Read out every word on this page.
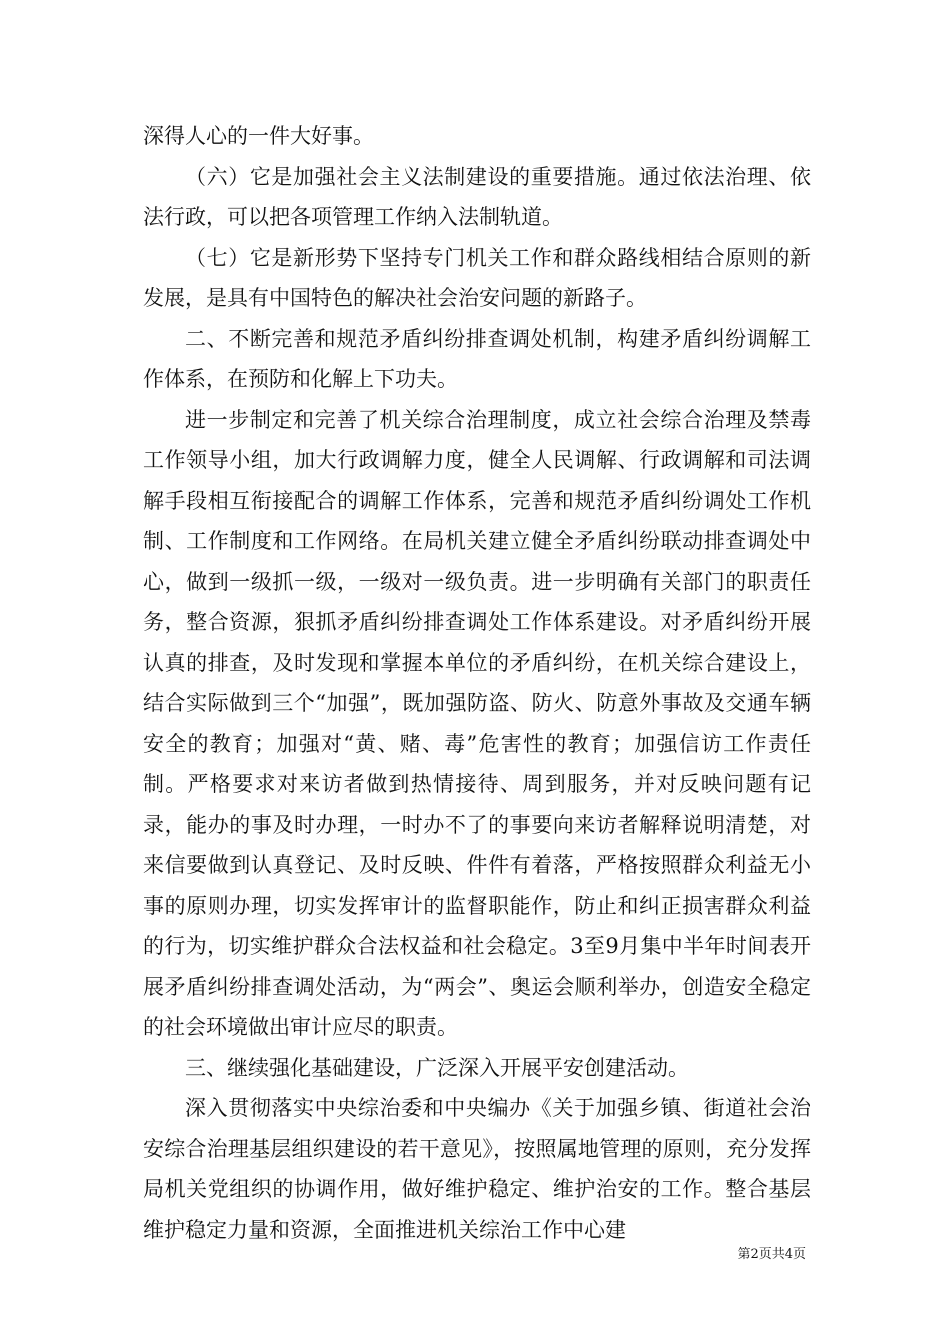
深得人心的一件大好事。

（六）它是加强社会主义法制建设的重要措施。通过依法治理、依法行政，可以把各项管理工作纳入法制轨道。

（七）它是新形势下坚持专门机关工作和群众路线相结合原则的新发展，是具有中国特色的解决社会治安问题的新路子。

二、不断完善和规范矛盾纠纷排查调处机制，构建矛盾纠纷调解工作体系，在预防和化解上下功夫。

进一步制定和完善了机关综合治理制度，成立社会综合治理及禁毒工作领导小组，加大行政调解力度，健全人民调解、行政调解和司法调解手段相互衔接配合的调解工作体系，完善和规范矛盾纠纷调处工作机制、工作制度和工作网络。在局机关建立健全矛盾纠纷联动排查调处中心，做到一级抓一级，一级对一级负责。进一步明确有关部门的职责任务，整合资源，狠抓矛盾纠纷排查调处工作体系建设。对矛盾纠纷开展认真的排查，及时发现和掌握本单位的矛盾纠纷，在机关综合建设上，结合实际做到三个“加强”，既加强防盗、防火、防意外事故及交通车辆安全的教育；加强对“黄、赌、毒”危害性的教育；加强信访工作责任制。严格要求对来访者做到热情接待、周到服务，并对反映问题有记录，能办的事及时办理，一时办不了的事要向来访者解释说明清楚，对来信要做到认真登记、及时反映、件件有着落，严格按照群众利益无小事的原则办理，切实发挥审计的监督职能作，防止和纠正损害群众利益的行为，切实维护群众合法权益和社会稳定。3至9月集中半年时间表开展矛盾纠纷排查调处活动，为“两会”、奥运会顺利举办，创造安全稳定的社会环境做出审计应尽的职责。

三、继续强化基础建设，广泛深入开展平安创建活动。

深入贯彻落实中央综治委和中央编办《关于加强乡镇、街道社会治安综合治理基层组织建设的若干意见》，按照属地管理的原则，充分发挥局机关党组织的协调作用，做好维护稳定、维护治安的工作。整合基层维护稳定力量和资源，全面推进机关综治工作中心建

第2页共4页
